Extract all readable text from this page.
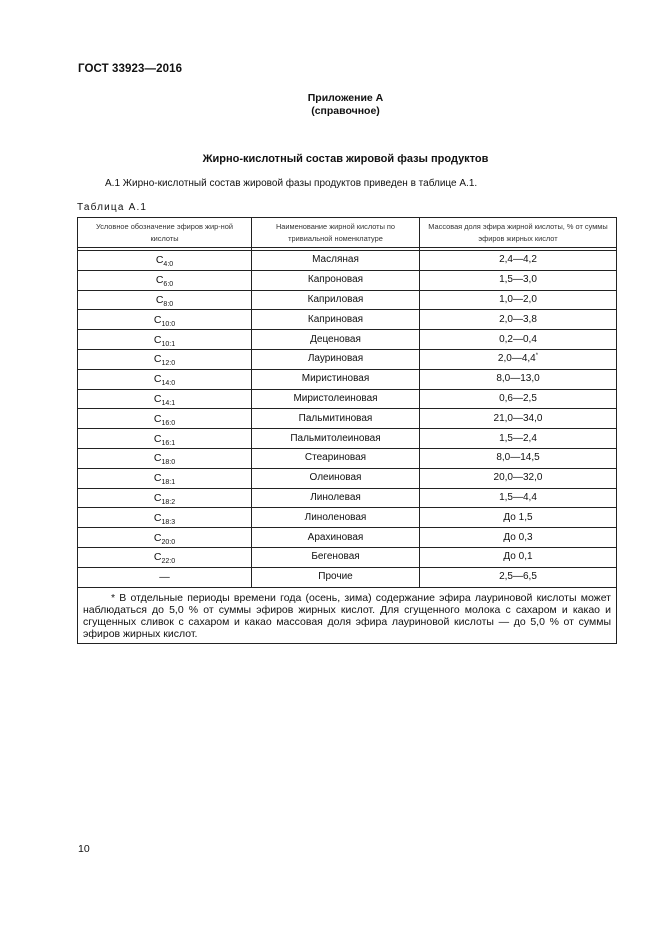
ГОСТ 33923—2016
Приложение А
(справочное)
Жирно-кислотный состав жировой фазы продуктов
А.1 Жирно-кислотный состав жировой фазы продуктов приведен в таблице А.1.
Таблица А.1
Условное обозначение эфиров жир-ной кислоты	Наименование жирной кислоты по тривиальной номенклатуре	Массовая доля эфира жирной кислоты, % от суммы эфиров жирных кислот

$C_{4:0}$	Масляная	2,4—4,2
$C_{6:0}$	Капроновая	1,5—3,0
$C_{8:0}$	Каприловая	1,0—2,0
$C_{10:0}$	Каприновая	2,0—3,8
$C_{10:1}$	Деценовая	0,2—0,4
$C_{12:0}$	Лауриновая	2,0—4,4*
$C_{14:0}$	Миристиновая	8,0—13,0
$C_{14:1}$	Миристолеиновая	0,6—2,5
$C_{16:0}$	Пальмитиновая	21,0—34,0
$C_{16:1}$	Пальмитолеиновая	1,5—2,4
$C_{18:0}$	Стеариновая	8,0—14,5
$C_{18:1}$	Олеиновая	20,0—32,0
$C_{18:2}$	Линолевая	1,5—4,4
$C_{18:3}$	Линоленовая	До 1,5
$C_{20:0}$	Арахиновая	До 0,3
$C_{22:0}$	Бегеновая	До 0,1
—	Прочие	2,5—6,5

* В отдельные периоды времени года (осень, зима) содержание эфира лауриновой кислоты может наблюдаться до 5,0 % от суммы эфиров жирных кислот. Для сгущенного молока с сахаром и какао и сгущенных сливок с сахаром и какао массовая доля эфира лауриновой кислоты — до 5,0 % от суммы эфиров жирных кислот.		
10
